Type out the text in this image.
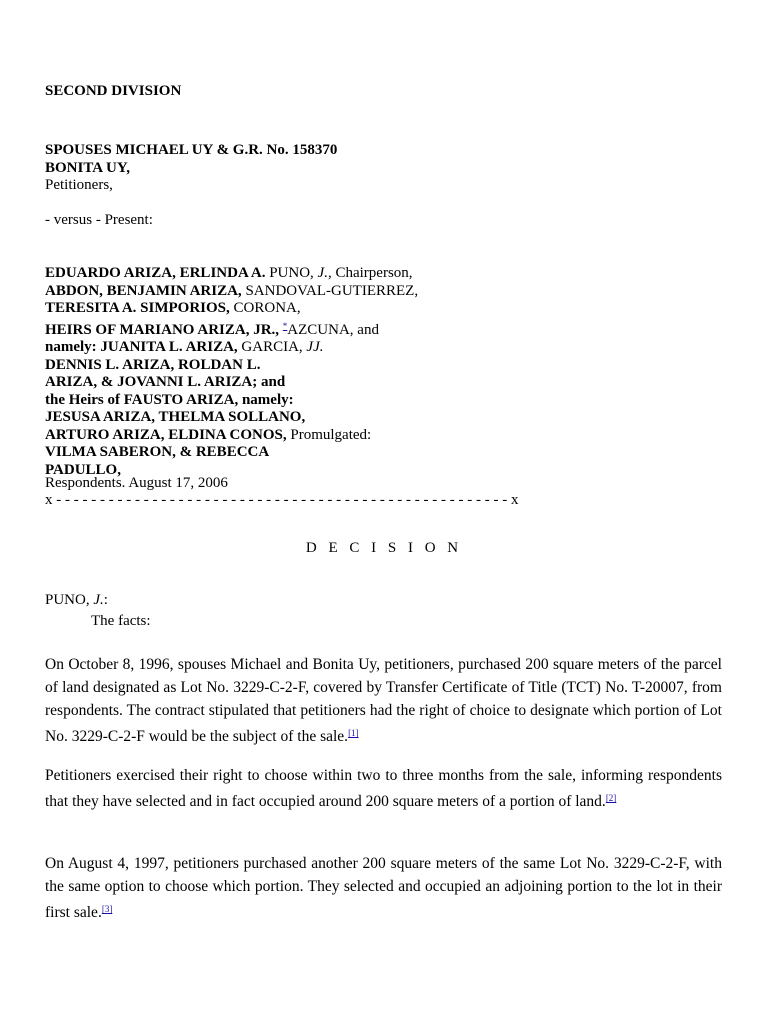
SECOND DIVISION
SPOUSES MICHAEL UY & G.R. No. 158370
BONITA UY,
Petitioners,
- versus - Present:
EDUARDO ARIZA, ERLINDA A. PUNO, J., Chairperson,
ABDON, BENJAMIN ARIZA, SANDOVAL-GUTIERREZ,
TERESITA A. SIMPORIOS, CORONA,
HEIRS OF MARIANO ARIZA, JR., *AZCUNA, and
namely: JUANITA L. ARIZA, GARCIA, JJ.
DENNIS L. ARIZA, ROLDAN L.
ARIZA, & JOVANNI L. ARIZA; and
the Heirs of FAUSTO ARIZA, namely:
JESUSA ARIZA, THELMA SOLLANO,
ARTURO ARIZA, ELDINA CONOS, Promulgated:
VILMA SABERON, & REBECCA
PADULLO,
Respondents. August 17, 2006
x - - - - - - - - - - - - - - - - - - - - - - - - - - - - - - - - - - - - - - - - - - - - - - - - - - - - x
D E C I S I O N
PUNO, J.:
The facts:
On October 8, 1996, spouses Michael and Bonita Uy, petitioners, purchased 200 square meters of the parcel of land designated as Lot No. 3229-C-2-F, covered by Transfer Certificate of Title (TCT) No. T-20007, from respondents. The contract stipulated that petitioners had the right of choice to designate which portion of Lot No. 3229-C-2-F would be the subject of the sale.[1]
Petitioners exercised their right to choose within two to three months from the sale, informing respondents that they have selected and in fact occupied around 200 square meters of a portion of land.[2]
On August 4, 1997, petitioners purchased another 200 square meters of the same Lot No. 3229-C-2-F, with the same option to choose which portion. They selected and occupied an adjoining portion to the lot in their first sale.[3]
